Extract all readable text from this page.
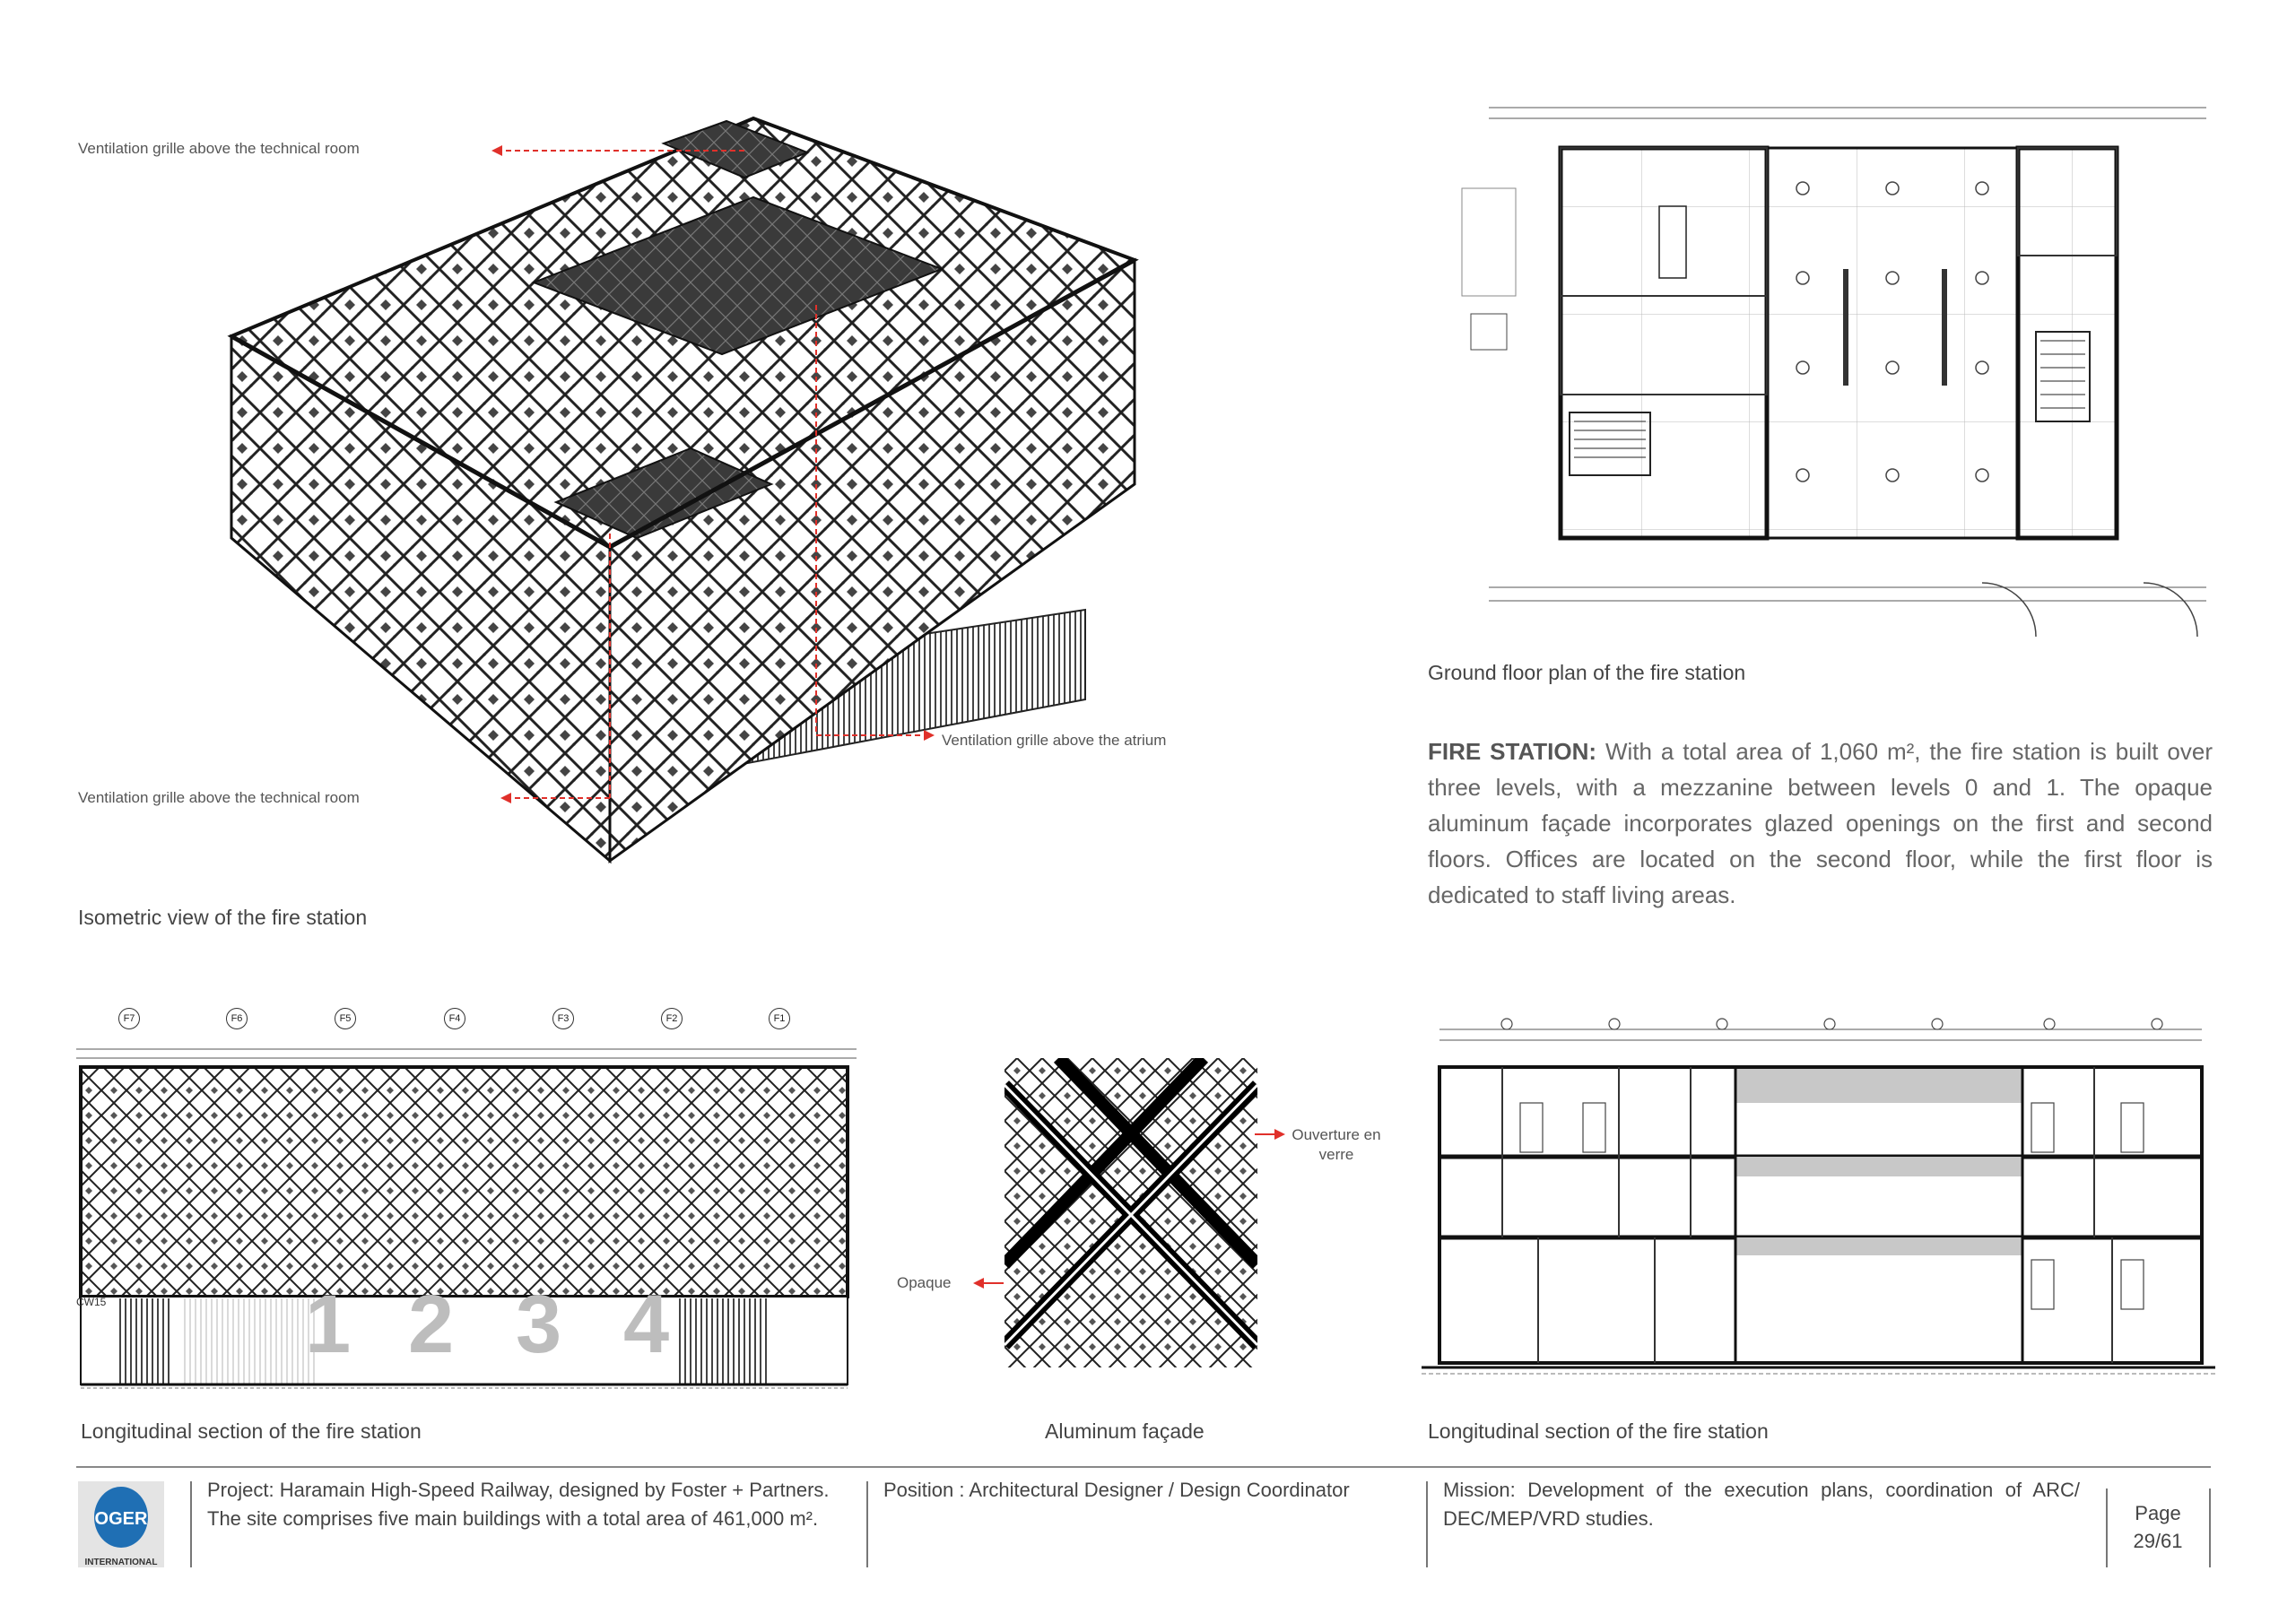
Ventilation grille above the technical room
Ventilation grille above the technical room
Ventilation grille above the atrium
Isometric view of the fire station
Ground floor plan of the fire station
FIRE STATION: With a total area of 1,060 m², the fire station is built over three levels, with a mezzanine between levels 0 and 1. The opaque aluminum façade incorporates glazed openings on the first and second floors. Offices are located on the second floor, while the first floor is dedicated to staff living areas.
CW15
F7	F6	F5	F4	F3	F2	F1
1 2 3 4
Longitudinal section of the fire station
Ouverture en verre
Opaque
Aluminum façade	Longitudinal section of the fire station
OGER
INTERNATIONAL
Project: Haramain High-Speed Railway, designed by Foster + Partners. The site comprises five main buildings with a total area of 461,000 m².
Position : Architectural Designer / Design Coordinator	Mission: Development of the execution plans, coordination of ARC/ DEC/MEP/VRD studies.	Page
29/61
